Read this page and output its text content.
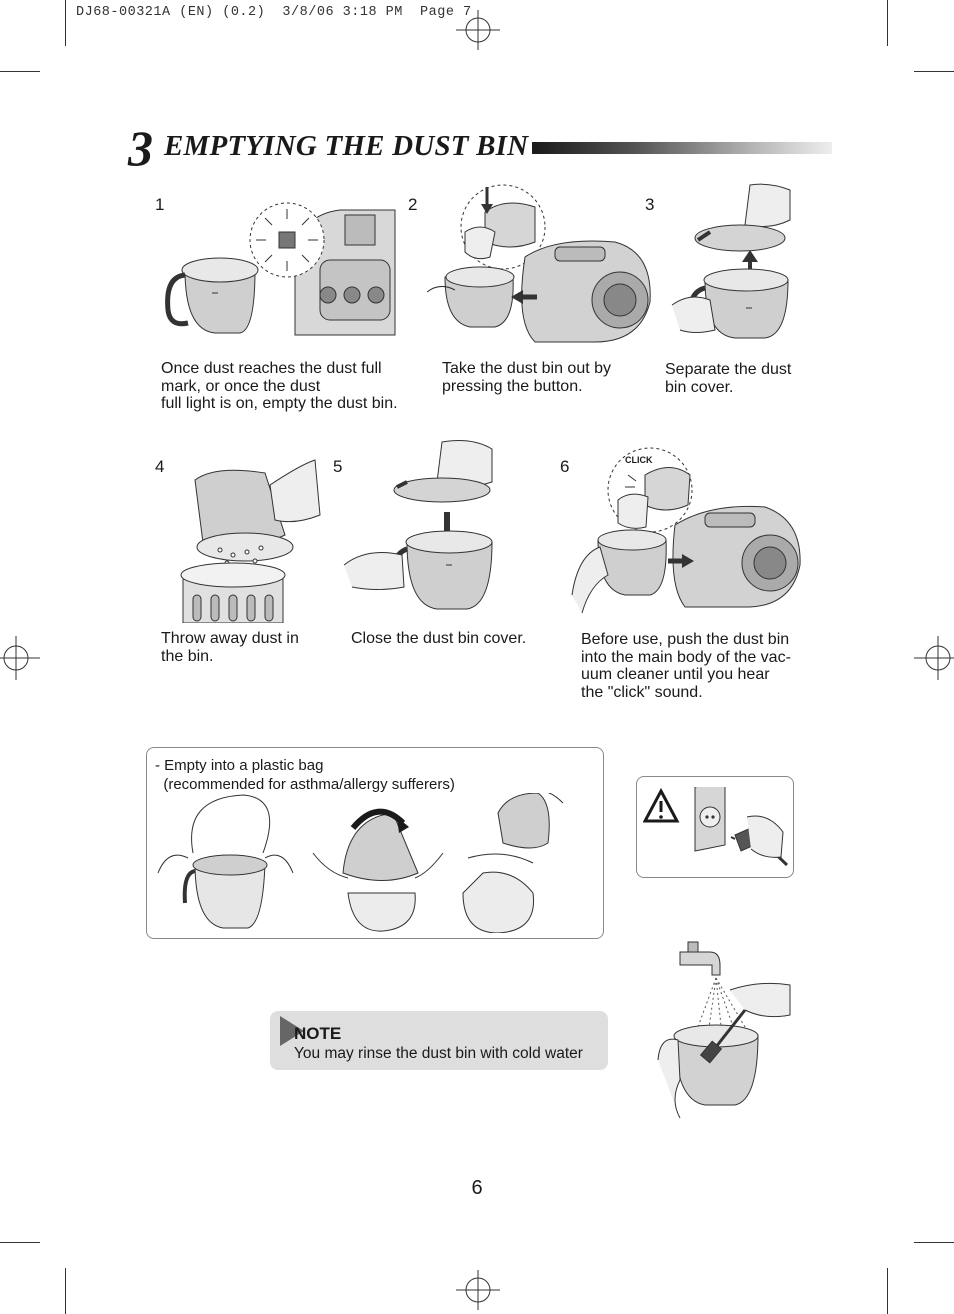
DJ68-00321A (EN) (0.2)  3/8/06 3:18 PM  Page 7
3 EMPTYING THE DUST BIN
1	2	3
4	5	6
Once dust reaches the dust full
mark, or once the dust
full light is on, empty the dust bin.
Take the dust bin out by
pressing the button.
Separate the dust
bin cover.
Throw away dust in
the bin.
Close the dust bin cover.	Before use, push the dust bin
into the main body of the vac-
uum cleaner until you hear
the "click" sound.
CLICK
- Empty into a plastic bag
(recommended for asthma/allergy sufferers)
NOTE
You may rinse the dust bin with cold water
6
